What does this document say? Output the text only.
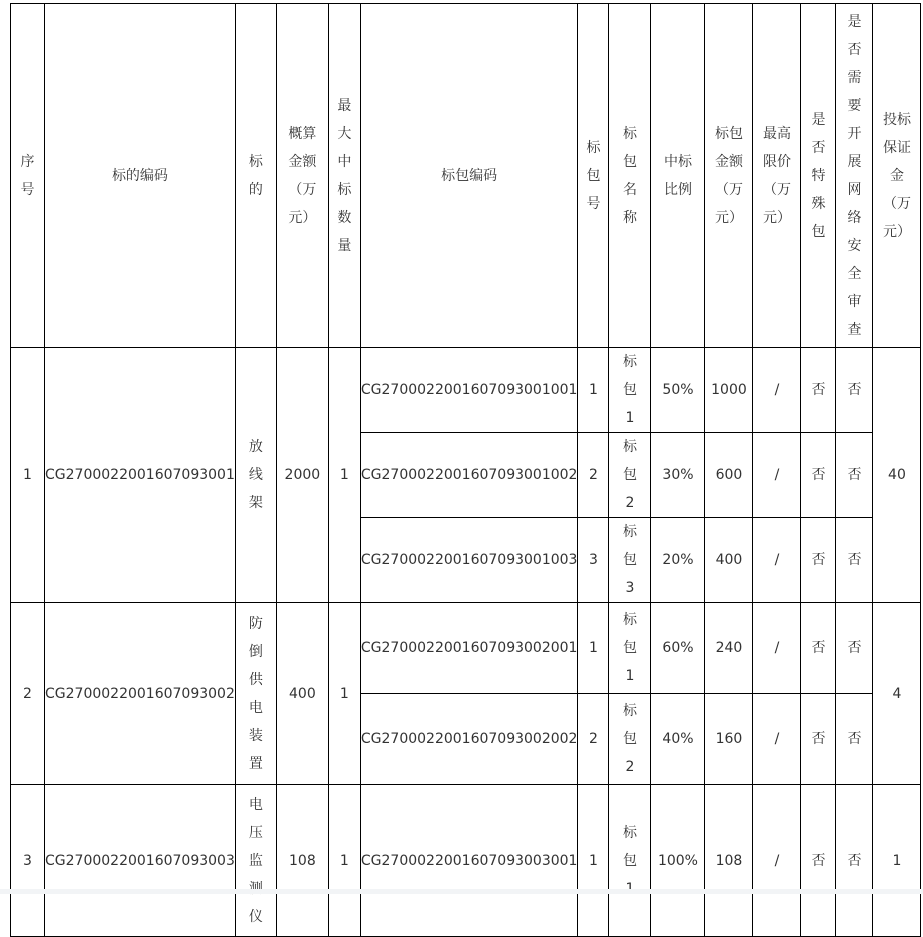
序号	标的编码	标的	概算金额（万元）	最大中标数量	标包编码	标包号	标包名称	中标比例	标包金额（万元）	最高限价（万元）	是否特殊包	是否需要开展网络安全审查	投标保证金（万元）
1	CG2700022001607093001	放线架	2000	1	CG2700022001607093001001	1	标包1	50%	1000	/	否	否	40
					CG2700022001607093001002	2	标包2	30%	600	/	否	否	
					CG2700022001607093001003	3	标包3	20%	400	/	否	否	
2	CG2700022001607093002	防倒供电装置	400	1	CG2700022001607093002001	1	标包1	60%	240	/	否	否	4
					CG2700022001607093002002	2	标包2	40%	160	/	否	否	
3	CG2700022001607093003	电压监 仪	108	1	CG2700022001607093003001	1	标包	100%	108	/	否	否	1
